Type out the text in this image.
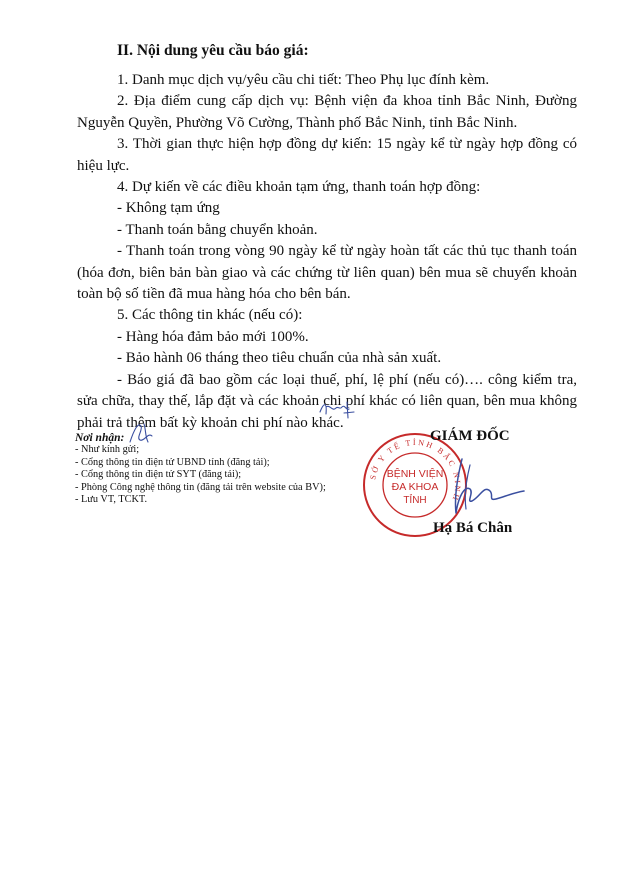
II. Nội dung yêu cầu báo giá:

1. Danh mục dịch vụ/yêu cầu chi tiết: Theo Phụ lục đính kèm.

2. Địa điểm cung cấp dịch vụ: Bệnh viện đa khoa tỉnh Bắc Ninh, Đường Nguyễn Quyền, Phường Võ Cường, Thành phố Bắc Ninh, tỉnh Bắc Ninh.

3. Thời gian thực hiện hợp đồng dự kiến: 15 ngày kể từ ngày hợp đồng có hiệu lực.

4. Dự kiến về các điều khoản tạm ứng, thanh toán hợp đồng:

- Không tạm ứng

- Thanh toán bằng chuyển khoản.

- Thanh toán trong vòng 90 ngày kể từ ngày hoàn tất các thủ tục thanh toán (hóa đơn, biên bản bàn giao và các chứng từ liên quan) bên mua sẽ chuyển khoản toàn bộ số tiền đã mua hàng hóa cho bên bán.

5. Các thông tin khác (nếu có):

- Hàng hóa đảm bảo mới 100%.

- Bảo hành 06 tháng theo tiêu chuẩn của nhà sản xuất.

- Báo giá đã bao gồm các loại thuế, phí, lệ phí (nếu có)…. công kiểm tra, sửa chữa, thay thế, lắp đặt và các khoản chi phí khác có liên quan, bên mua không phải trả thêm bất kỳ khoản chi phí nào khác.

Nơi nhận:
- Như kính gửi;
- Cổng thông tin điện tử UBND tỉnh (đăng tải);
- Cổng thông tin điện tử SYT (đăng tải);
- Phòng Công nghệ thông tin (đăng tải trên website của BV);
- Lưu VT, TCKT.
SỞ Y TẾ TỈNH BẮC NINH
BỆNH VIỆN
ĐA KHOA
TỈNH
GIÁM ĐỐC
Hạ Bá Chân
